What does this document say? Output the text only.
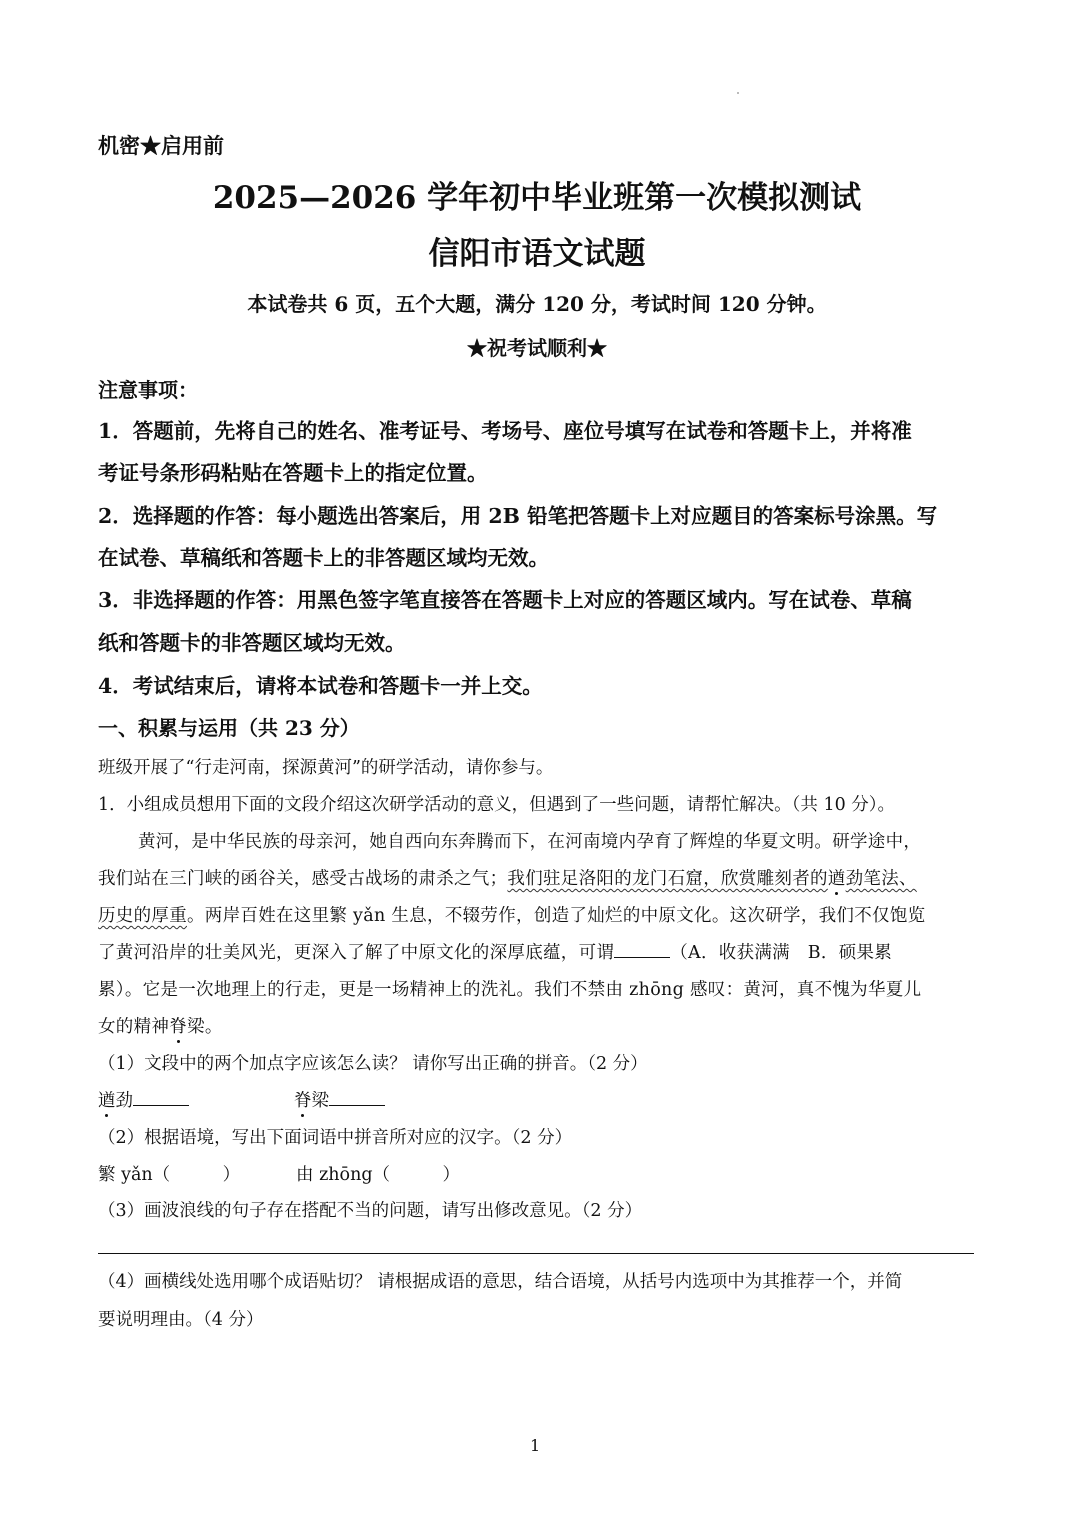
机密★启用前
2025—2026 学年初中毕业班第一次模拟测试
信阳市语文试题
本试卷共 6 页，五个大题，满分 120 分，考试时间 120 分钟。
★祝考试顺利★
注意事项：
1．答题前，先将自己的姓名、准考证号、考场号、座位号填写在试卷和答题卡上，并将准
考证号条形码粘贴在答题卡上的指定位置。
2．选择题的作答：每小题选出答案后，用 2B 铅笔把答题卡上对应题目的答案标号涂黑。写
在试卷、草稿纸和答题卡上的非答题区域均无效。
3．非选择题的作答：用黑色签字笔直接答在答题卡上对应的答题区域内。写在试卷、草稿
纸和答题卡的非答题区域均无效。
4．考试结束后，请将本试卷和答题卡一并上交。
一、积累与运用（共 23 分）
班级开展了“行走河南，探源黄河”的研学活动，请你参与。
1．小组成员想用下面的文段介绍这次研学活动的意义，但遇到了一些问题，请帮忙解决。（共 10 分）。
黄河，是中华民族的母亲河，她自西向东奔腾而下，在河南境内孕育了辉煌的华夏文明。研学途中，
我们站在三门峡的函谷关，感受古战场的肃杀之气；我们驻足洛阳的龙门石窟，欣赏雕刻者的遒劲笔法、
历史的厚重。两岸百姓在这里繁 yǎn 生息，不辍劳作，创造了灿烂的中原文化。这次研学，我们不仅饱览
了黄河沿岸的壮美风光，更深入了解了中原文化的深厚底蕴，可谓	（A．收获满满　B．硕果累
累）。它是一次地理上的行走，更是一场精神上的洗礼。我们不禁由 zhōng 感叹：黄河，真不愧为华夏儿
女的精神脊梁。
（1）文段中的两个加点字应该怎么读？ 请你写出正确的拼音。（2 分）
遒劲	脊梁
（2）根据语境，写出下面词语中拼音所对应的汉字。（2 分）
繁 yǎn（　　　）	由 zhōng（　　　）
（3）画波浪线的句子存在搭配不当的问题，请写出修改意见。（2 分）
（4）画横线处选用哪个成语贴切？ 请根据成语的意思，结合语境，从括号内选项中为其推荐一个，并简
要说明理由。（4 分）
1
